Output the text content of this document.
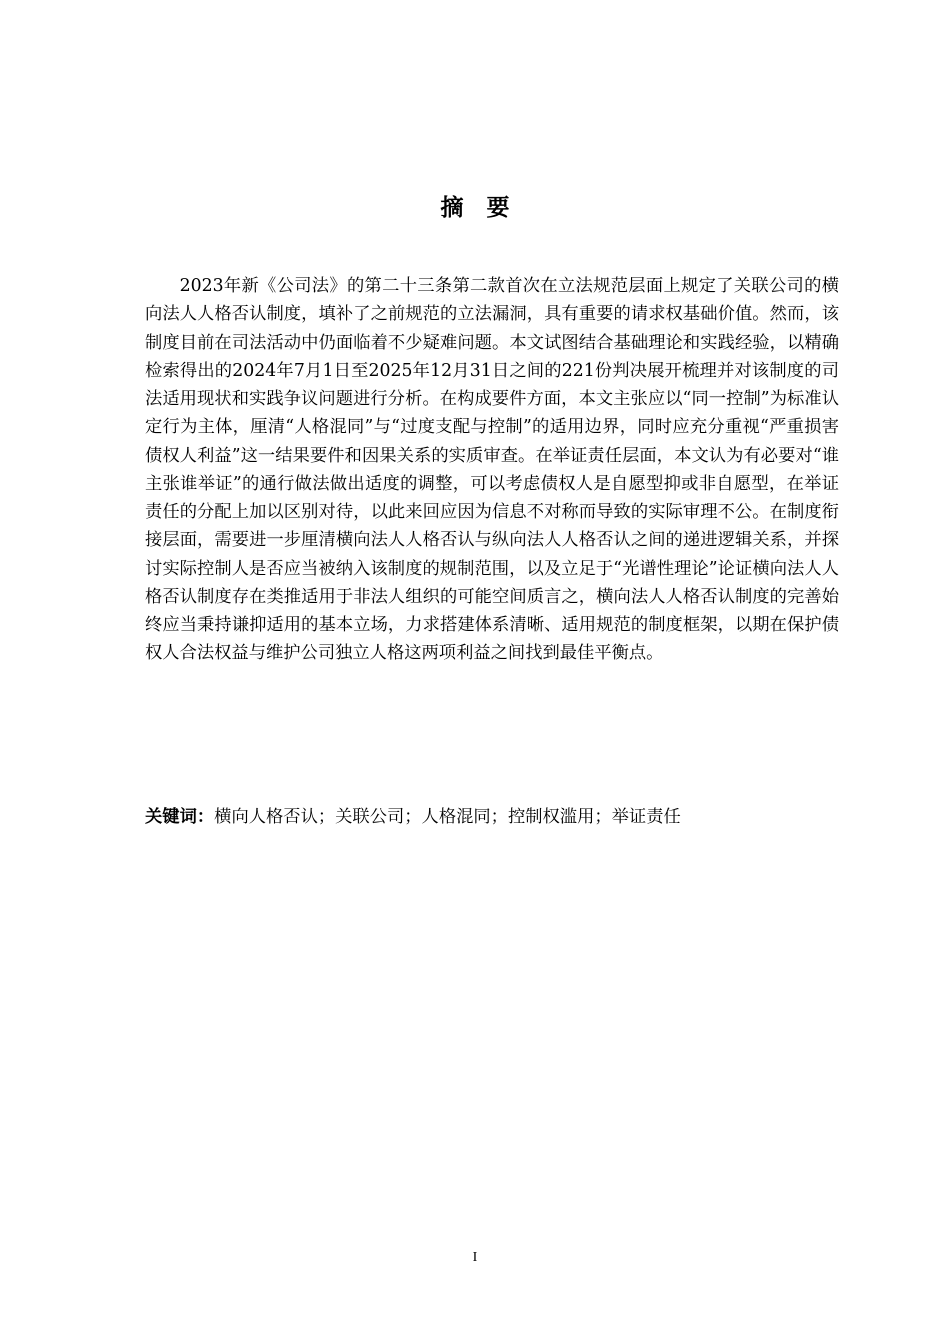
摘　要

2023年新《公司法》的第二十三条第二款首次在立法规范层面上规定了关联公司的横向法人人格否认制度，填补了之前规范的立法漏洞，具有重要的请求权基础价值。然而，该制度目前在司法活动中仍面临着不少疑难问题。本文试图结合基础理论和实践经验，以精确检索得出的2024年7月1日至2025年12月31日之间的221份判决展开梳理并对该制度的司法适用现状和实践争议问题进行分析。在构成要件方面，本文主张应以“同一控制”为标准认定行为主体，厘清“人格混同”与“过度支配与控制”的适用边界，同时应充分重视“严重损害债权人利益”这一结果要件和因果关系的实质审查。在举证责任层面，本文认为有必要对“谁主张谁举证”的通行做法做出适度的调整，可以考虑债权人是自愿型抑或非自愿型，在举证责任的分配上加以区别对待，以此来回应因为信息不对称而导致的实际审理不公。在制度衔接层面，需要进一步厘清横向法人人格否认与纵向法人人格否认之间的递进逻辑关系，并探讨实际控制人是否应当被纳入该制度的规制范围，以及立足于“光谱性理论”论证横向法人人格否认制度存在类推适用于非法人组织的可能空间质言之，横向法人人格否认制度的完善始终应当秉持谦抑适用的基本立场，力求搭建体系清晰、适用规范的制度框架，以期在保护债权人合法权益与维护公司独立人格这两项利益之间找到最佳平衡点。

关键词：横向人格否认；关联公司；人格混同；控制权滥用；举证责任
I
